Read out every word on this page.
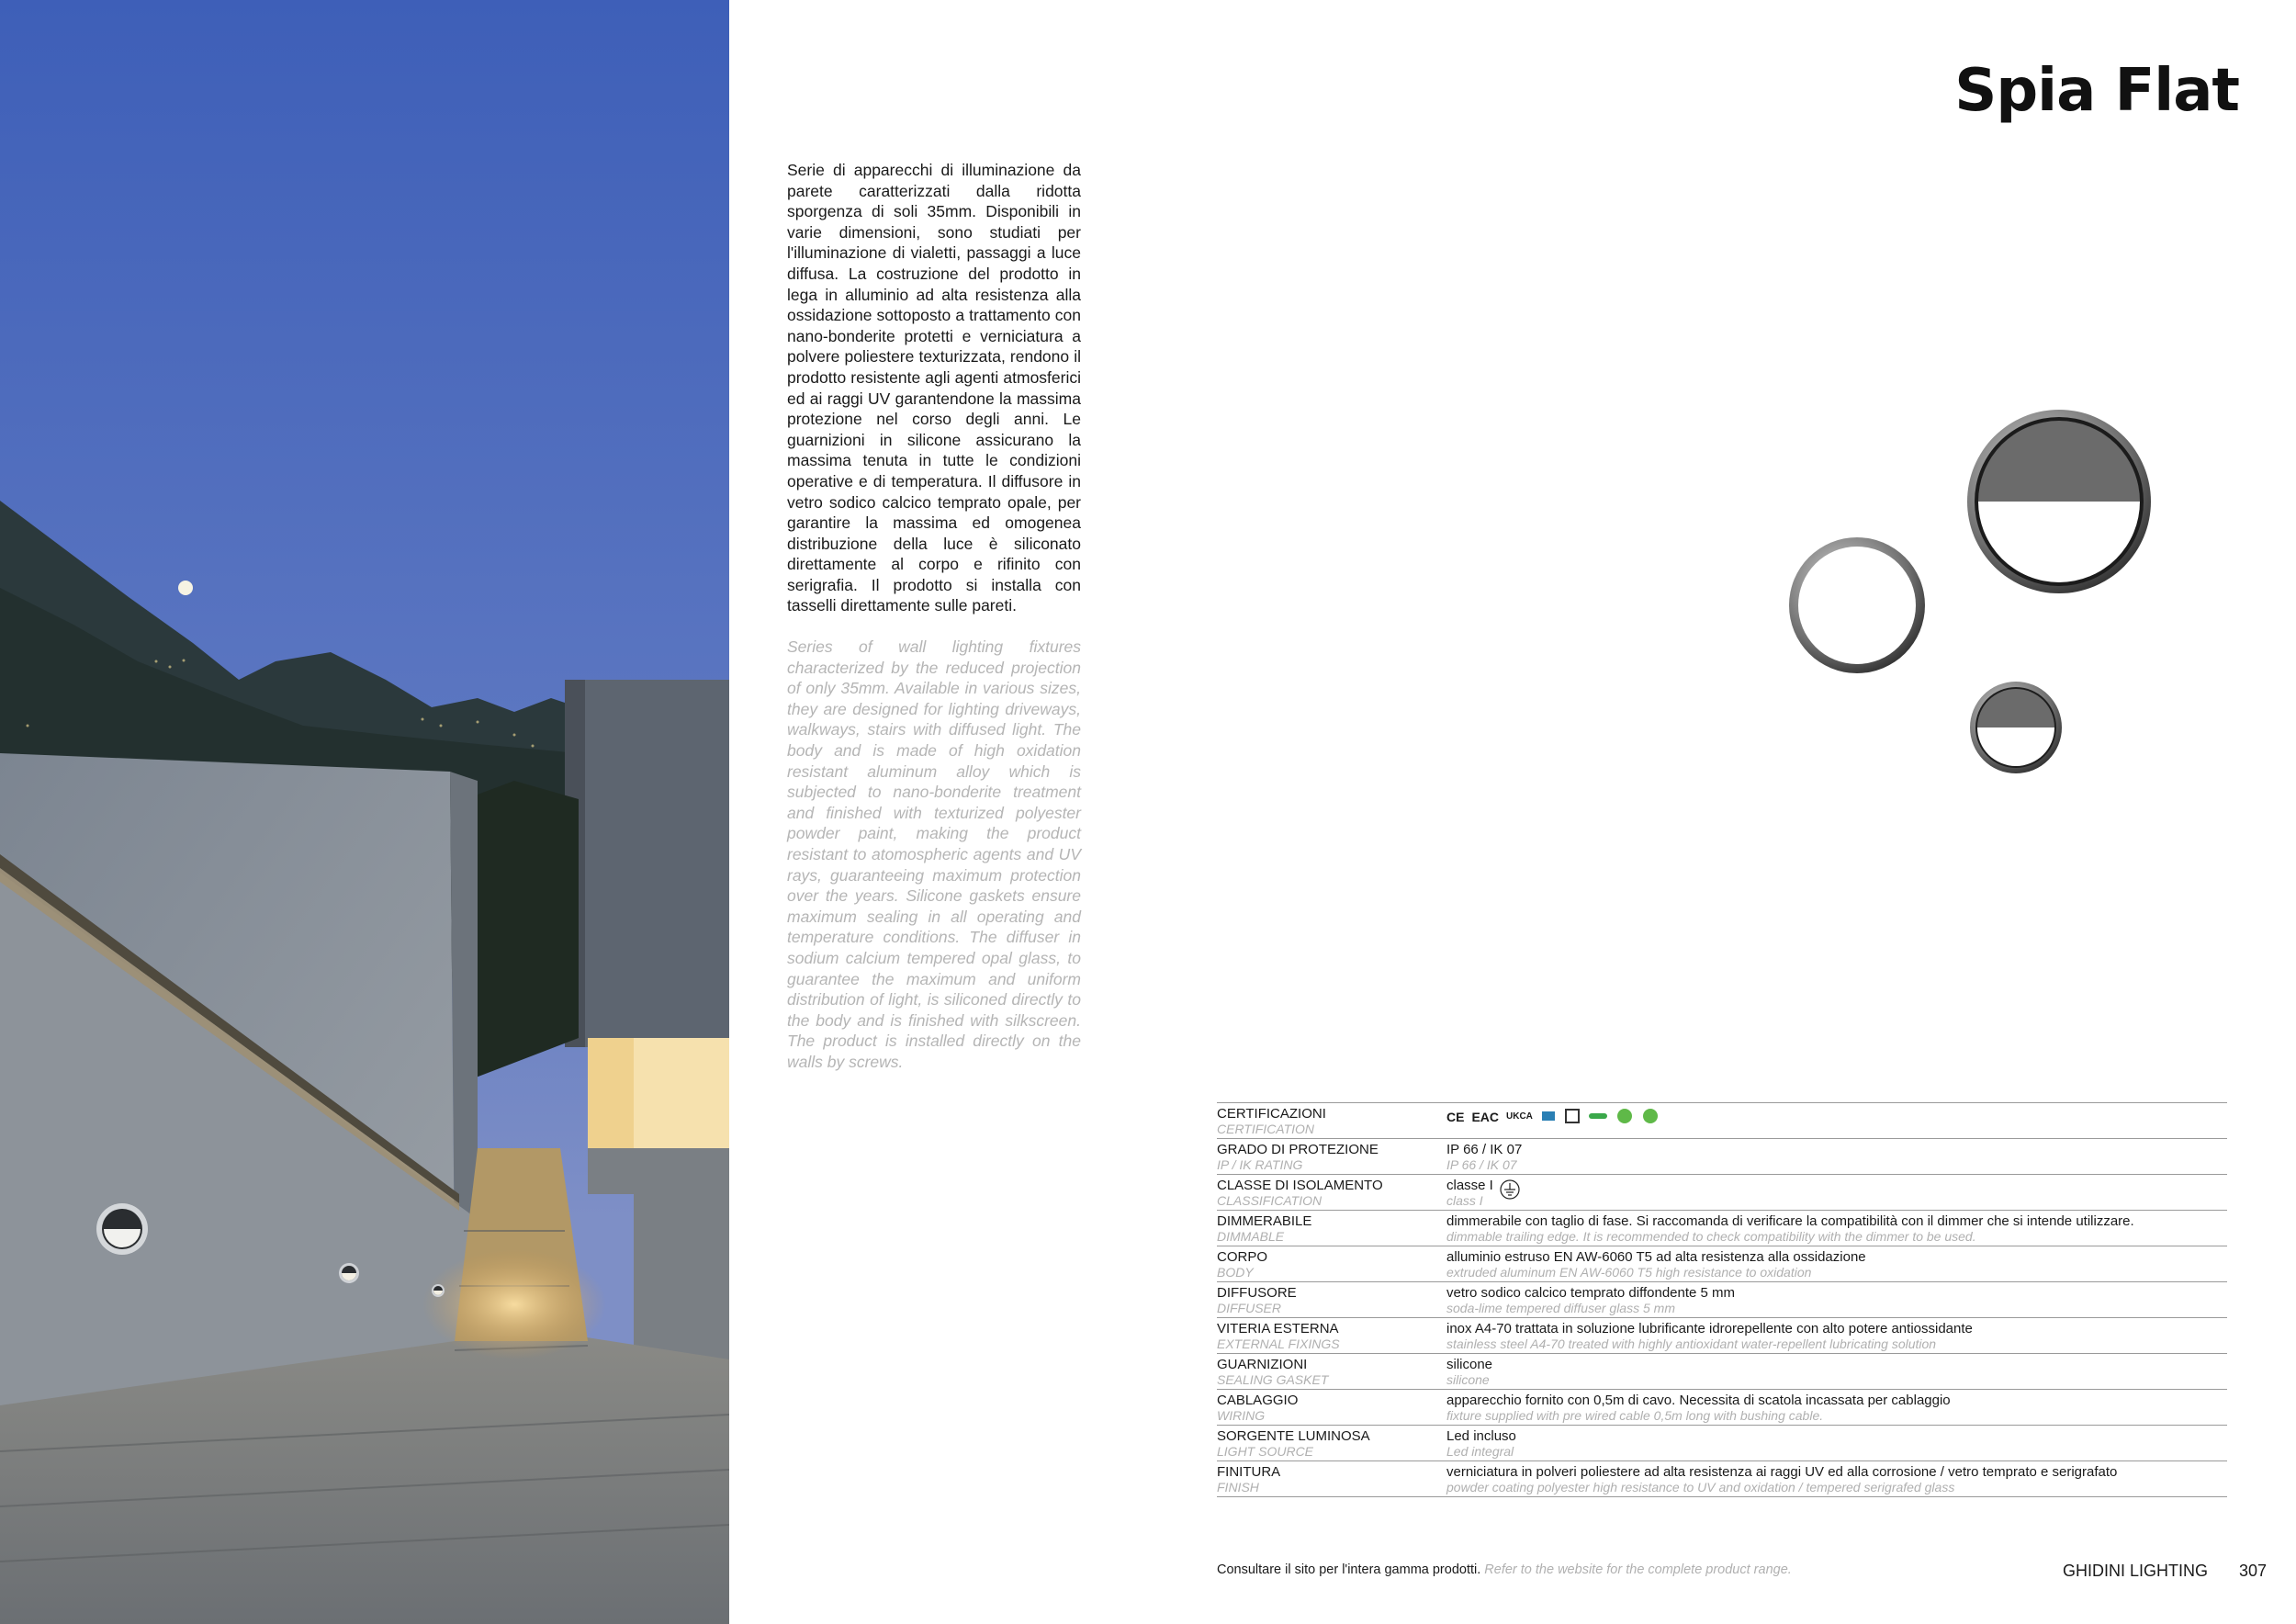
Spia Flat

Serie di apparecchi di illuminazione da parete caratterizzati dalla ridotta sporgenza di soli 35mm. Disponibili in varie dimensioni, sono studiati per l'illuminazione di vialetti, passaggi a luce diffusa. La costruzione del prodotto in lega in alluminio ad alta resistenza alla ossidazione sottoposto a trattamento con nano-bonderite protetti e verniciatura a polvere poliestere texturizzata, rendono il prodotto resistente agli agenti atmosferici ed ai raggi UV garantendone la massima protezione nel corso degli anni. Le guarnizioni in silicone assicurano la massima tenuta in tutte le condizioni operative e di temperatura. Il diffusore in vetro sodico calcico temprato opale, per garantire la massima ed omogenea distribuzione della luce è siliconato direttamente al corpo e rifinito con serigrafia. Il prodotto si installa con tasselli direttamente sulle pareti.

Series of wall lighting fixtures characterized by the reduced projection of only 35mm. Available in various sizes, they are designed for lighting driveways, walkways, stairs with diffused light. The body and is made of high oxidation resistant aluminum alloy which is subjected to nano-bonderite treatment and finished with texturized polyester powder paint, making the product resistant to atomospheric agents and UV rays, guaranteeing maximum protection over the years. Silicone gaskets ensure maximum sealing in all operating and temperature conditions. The diffuser in sodium calcium tempered opal glass, to guarantee the maximum and uniform distribution of light, is siliconed directly to the body and is finished with silkscreen. The product is installed directly on the walls by screws.

CERTIFICAZIONI
CERTIFICATION
CE EAC UKCA
GRADO DI PROTEZIONE
IP / IK RATING
IP 66 / IK 07
IP 66 / IK 07
CLASSE DI ISOLAMENTO
CLASSIFICATION
classe I
class I
DIMMERABILE
DIMMABLE
dimmerabile con taglio di fase. Si raccomanda di verificare la compatibilità con il dimmer che si intende utilizzare.
dimmable trailing edge. It is recommended to check compatibility with the dimmer to be used.
CORPO
BODY
alluminio estruso EN AW-6060 T5 ad alta resistenza alla ossidazione
extruded aluminum EN AW-6060 T5 high resistance to oxidation
DIFFUSORE
DIFFUSER
vetro sodico calcico temprato diffondente 5 mm
soda-lime tempered diffuser glass 5 mm
VITERIA ESTERNA
EXTERNAL FIXINGS
inox A4-70 trattata in soluzione lubrificante idrorepellente con alto potere antiossidante
stainless steel A4-70 treated with highly antioxidant water-repellent lubricating solution
GUARNIZIONI
SEALING GASKET
silicone
silicone
CABLAGGIO
WIRING
apparecchio fornito con 0,5m di cavo. Necessita di scatola incassata per cablaggio
fixture supplied with pre wired cable 0,5m long with bushing cable.
SORGENTE LUMINOSA
LIGHT SOURCE
Led incluso
Led integral
FINITURA
FINISH
verniciatura in polveri poliestere ad alta resistenza ai raggi UV ed alla corrosione / vetro temprato e serigrafato
powder coating polyester high resistance to UV and oxidation / tempered serigrafed glass
Consultare il sito per l'intera gamma prodotti. Refer to the website for the complete product range.	GHIDINI LIGHTING 307
